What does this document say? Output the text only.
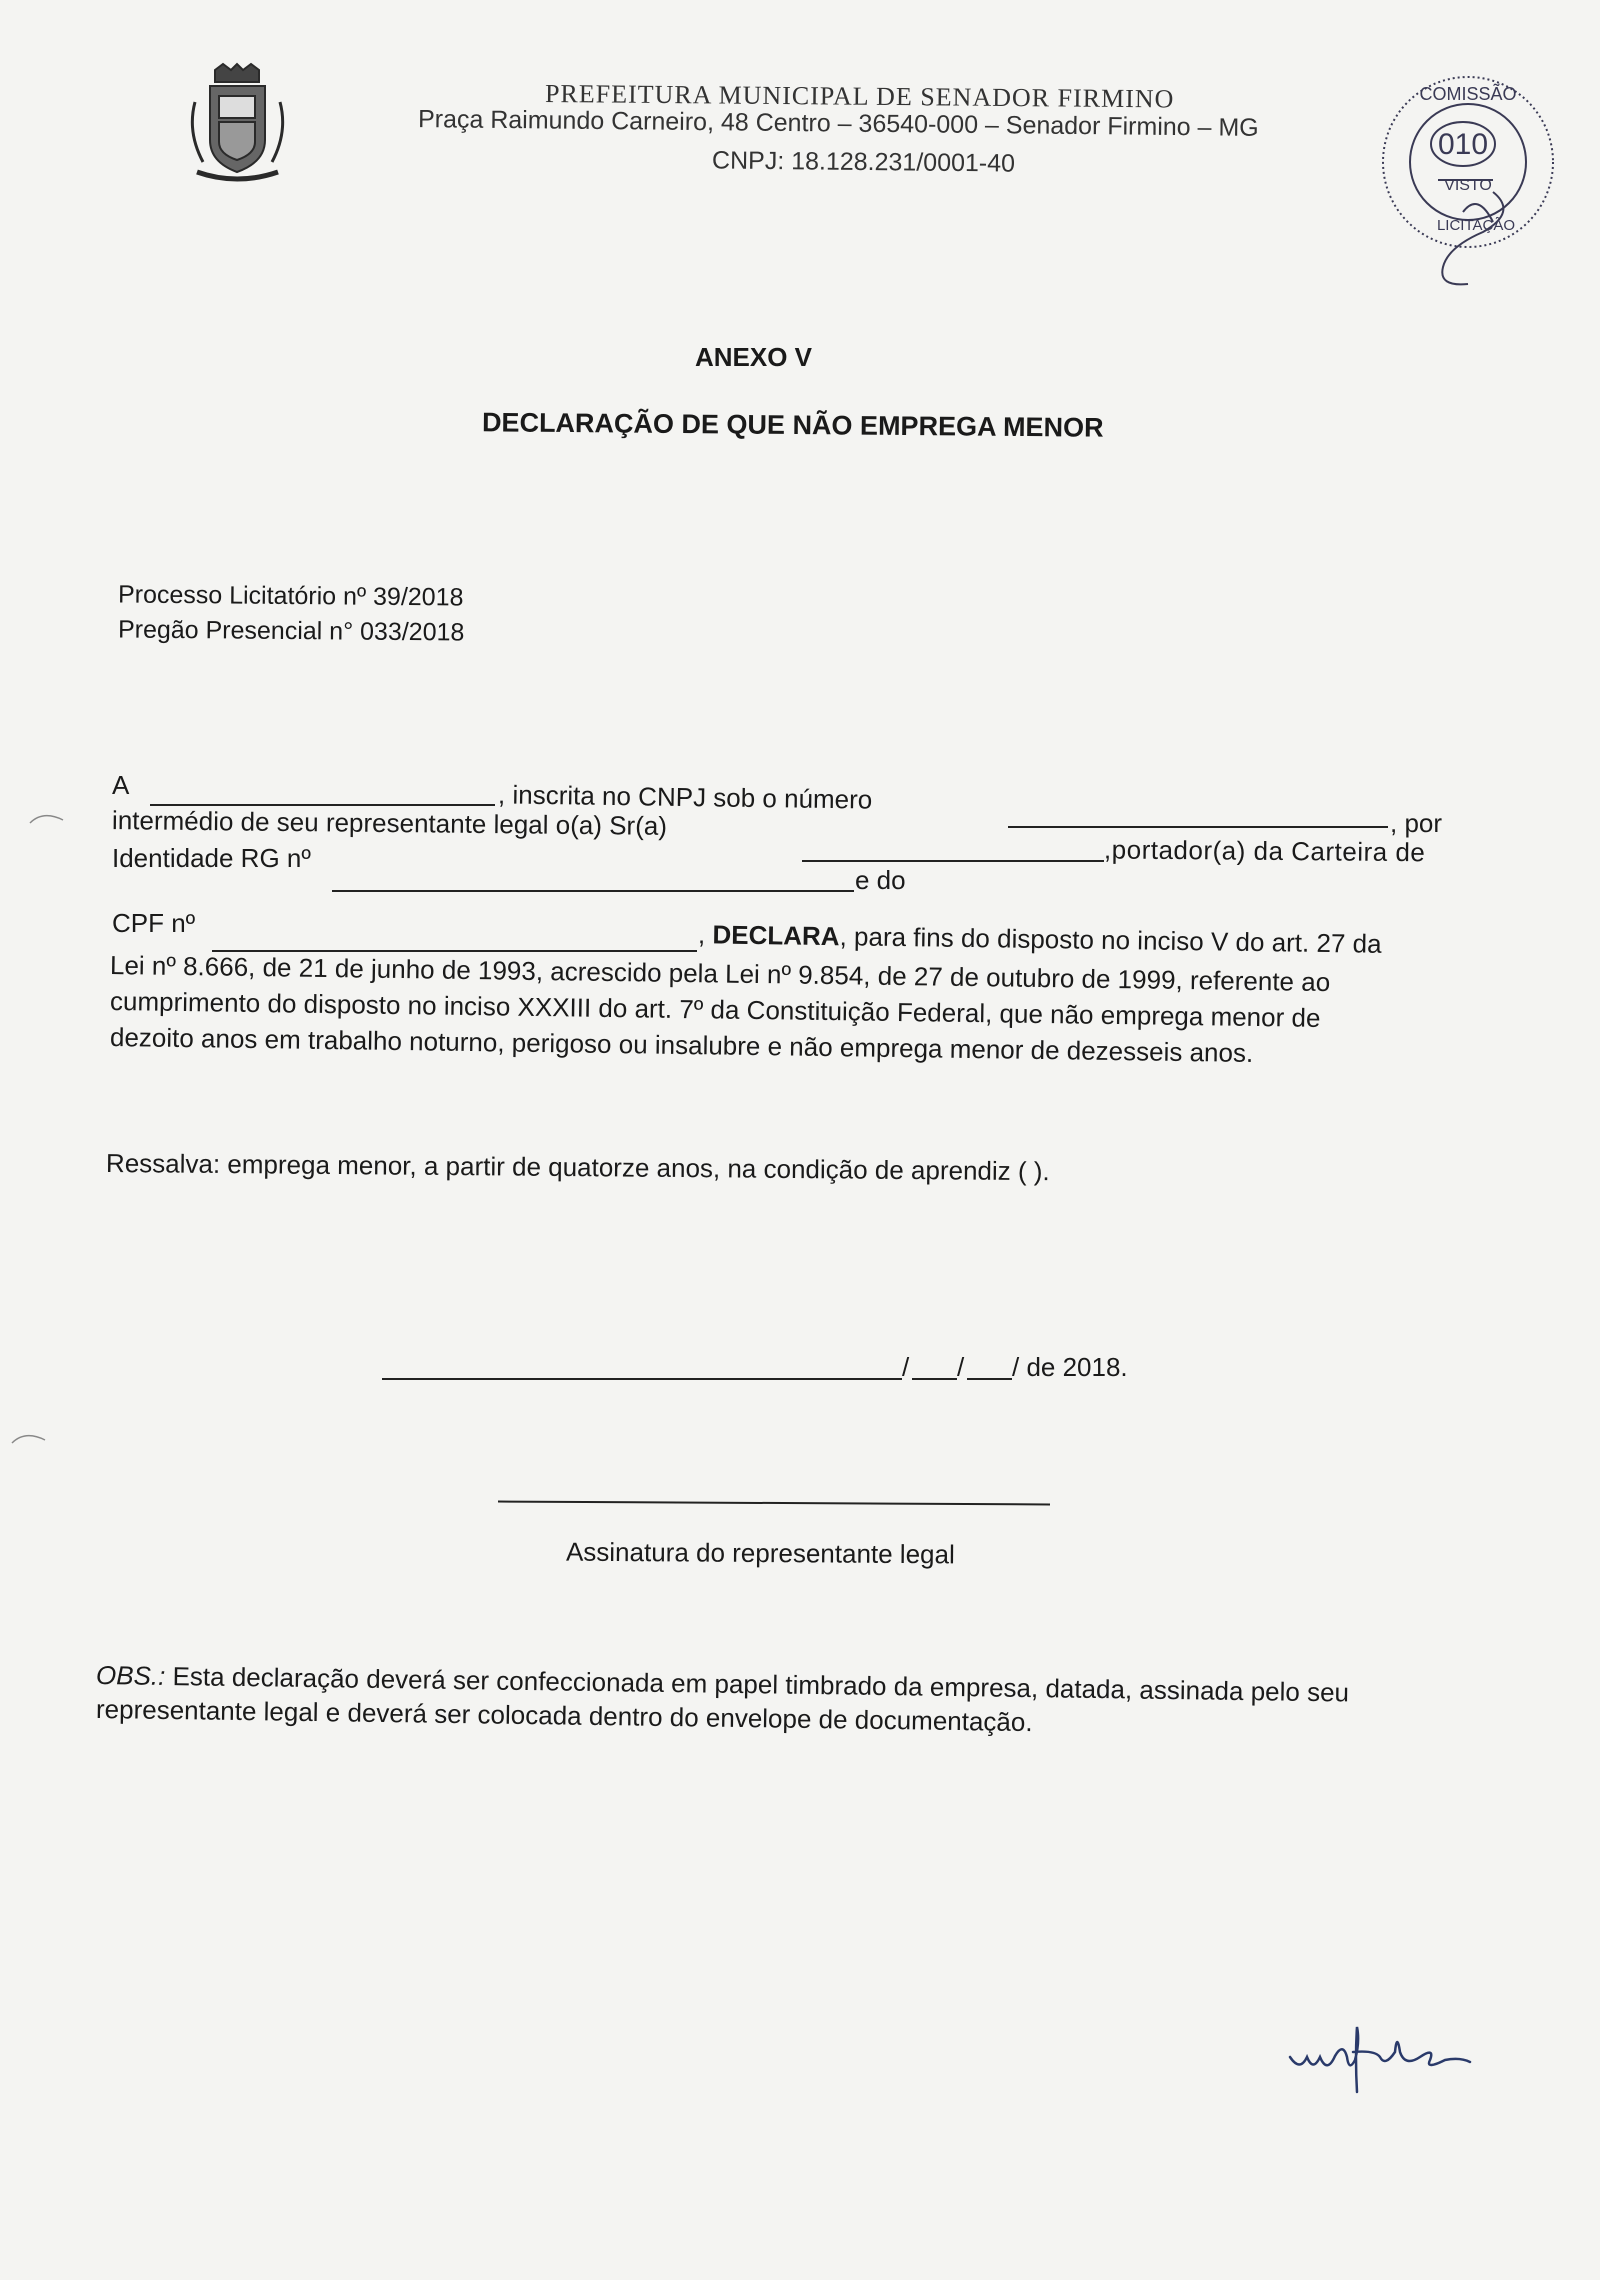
PREFEITURA MUNICIPAL DE SENADOR FIRMINO
Praça Raimundo Carneiro, 48 Centro – 36540-000 – Senador Firmino – MG
CNPJ: 18.128.231/0001-40
COMISSÃO
010
VISTO
LICITAÇÃO
ANEXO V
DECLARAÇÃO DE QUE NÃO EMPREGA MENOR
Processo Licitatório nº 39/2018
Pregão Presencial n° 033/2018
A	, inscrita no CNPJ sob o número
, por
intermédio de seu representante legal o(a) Sr(a)
,portador(a) da Carteira de
Identidade RG nº
e do
CPF nº	, DECLARA, para fins do disposto no inciso V do art. 27 da
Lei nº 8.666, de 21 de junho de 1993, acrescido pela Lei nº 9.854, de 27 de outubro de 1999, referente ao
cumprimento do disposto no inciso XXXIII do art. 7º da Constituição Federal, que não emprega menor de
dezoito anos em trabalho noturno, perigoso ou insalubre e não emprega menor de dezesseis anos.
Ressalva: emprega menor, a partir de quatorze anos, na condição de aprendiz ( ).
/ / / de 2018.
Assinatura do representante legal
OBS.: Esta declaração deverá ser confeccionada em papel timbrado da empresa, datada, assinada pelo seu
representante legal e deverá ser colocada dentro do envelope de documentação.
